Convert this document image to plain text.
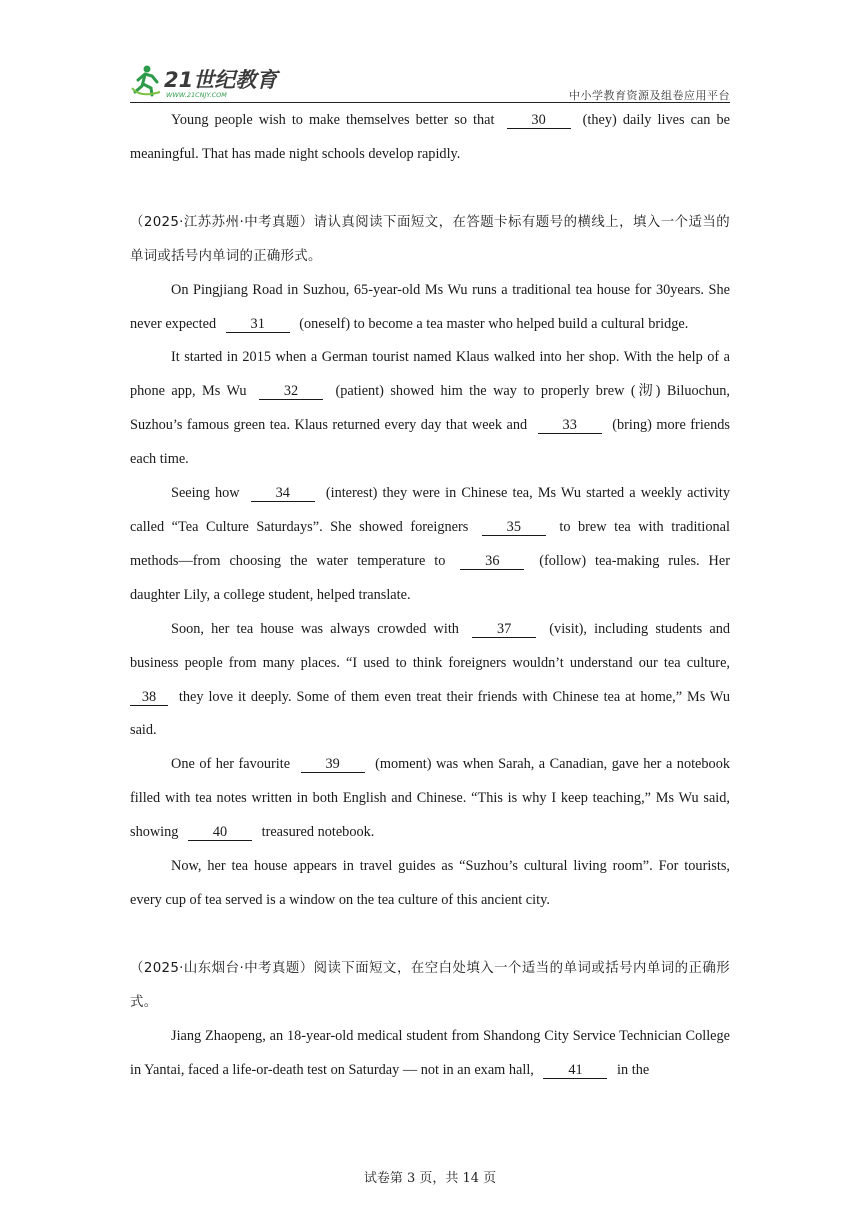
21世纪教育
WWW.21CNJY.COM	中小学教育资源及组卷应用平台

Young people wish to make themselves better so that 30 (they) daily lives can be meaningful. That has made night schools develop rapidly.

（2025·江苏苏州·中考真题）请认真阅读下面短文，在答题卡标有题号的横线上，填入一个适当的单词或括号内单词的正确形式。

On Pingjiang Road in Suzhou, 65-year-old Ms Wu runs a traditional tea house for 30years. She never expected 31 (oneself) to become a tea master who helped build a cultural bridge.

It started in 2015 when a German tourist named Klaus walked into her shop. With the help of a phone app, Ms Wu 32 (patient) showed him the way to properly brew (沏) Biluochun, Suzhou’s famous green tea. Klaus returned every day that week and 33 (bring) more friends each time.

Seeing how 34 (interest) they were in Chinese tea, Ms Wu started a weekly activity called “Tea Culture Saturdays”. She showed foreigners 35 to brew tea with traditional methods—from choosing the water temperature to 36 (follow) tea-making rules. Her daughter Lily, a college student, helped translate.

Soon, her tea house was always crowded with 37 (visit), including students and business people from many places. “I used to think foreigners wouldn’t understand our tea culture, 38 they love it deeply. Some of them even treat their friends with Chinese tea at home,” Ms Wu said.

One of her favourite 39 (moment) was when Sarah, a Canadian, gave her a notebook filled with tea notes written in both English and Chinese. “This is why I keep teaching,” Ms Wu said, showing 40 treasured notebook.

Now, her tea house appears in travel guides as “Suzhou’s cultural living room”. For tourists, every cup of tea served is a window on the tea culture of this ancient city.

（2025·山东烟台·中考真题）阅读下面短文，在空白处填入一个适当的单词或括号内单词的正确形式。

Jiang Zhaopeng, an 18-year-old medical student from Shandong City Service Technician College in Yantai, faced a life-or-death test on Saturday — not in an exam hall, 41 in the

试卷第 3 页，共 14 页
